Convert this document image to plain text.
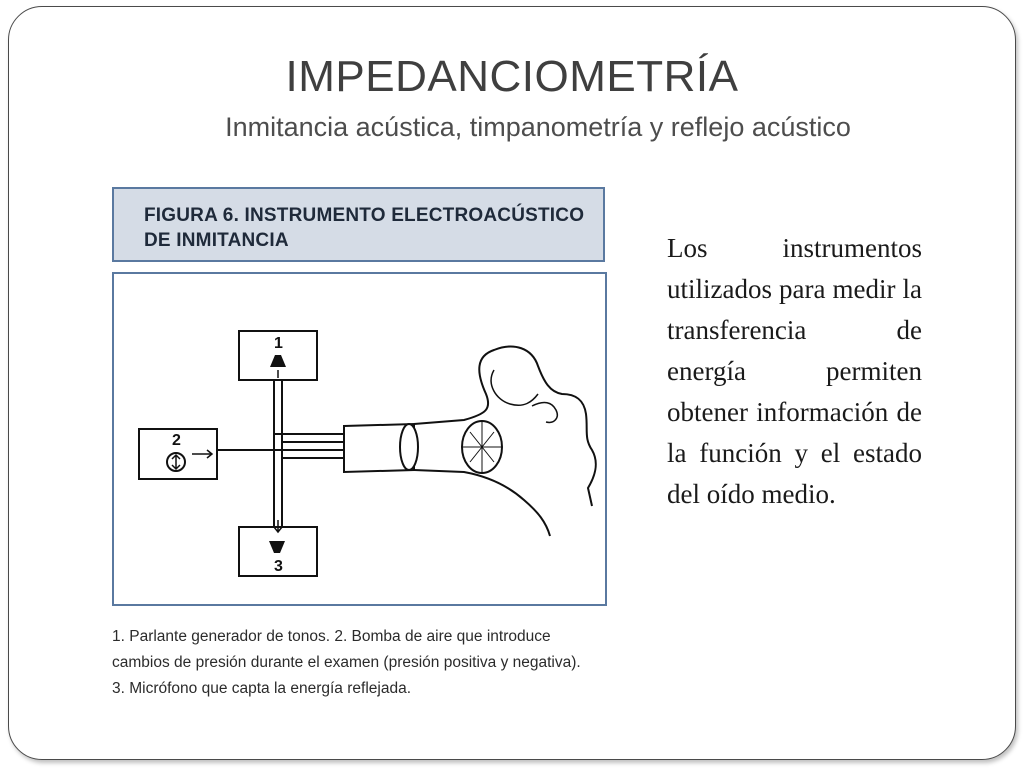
IMPEDANCIOMETRÍA
Inmitancia acústica, timpanometría y reflejo acústico
FIGURA 6. INSTRUMENTO ELECTROACÚSTICO
DE INMITANCIA
1
2
3
1. Parlante generador de tonos. 2. Bomba de aire que introduce
cambios de presión durante el examen (presión positiva y negativa).
3. Micrófono que capta la energía reflejada.
Los instrumentos utilizados para medir la transferencia de energía permiten obtener información de la función y el estado del oído medio.
